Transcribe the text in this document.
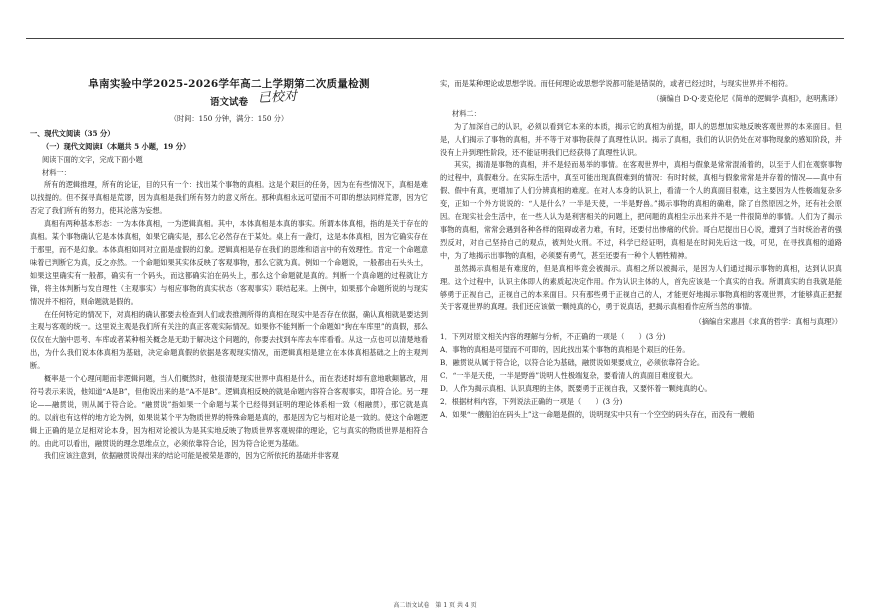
阜南实验中学2025-2026学年高二上学期第二次质量检测
语文试卷 已校对
（时间：150 分钟，满分：150 分）
一、现代文阅读（35 分）
（一）现代文阅读Ⅰ（本题共 5 小题，19 分）
阅读下面的文字，完成下面小题
材料一：

所有的逻辑推理，所有的论证，目的只有一个：找出某个事物的真相。这是个艰巨的任务，因为在有些情况下，真相是难以找提的。但不探寻真相是荒谬，因为真相是我们所有努力的意义所在。那种真相永远可望而不可即的想法同样荒谬，因为它否定了我们所有的努力，使其沦落为妄想。

真相有两种基本形态：一为本体真相，一为逻辑真相。其中，本体真相是本真的事实。所谓本体真相，指的是关于存在的真相。某个事物确认它是本体真相，如果它确实是，那么它必然存在于某处。桌上有一盏灯，这是本体真相，因为它确实存在于那里，而不是幻象。本体真相如同对立面是虚假的幻象。逻辑真相是存在我们的思维和语言中的有效理性。肯定一个命题意味着已判断它为真，反之亦然。一个命题如果其实体反映了客观事物，那么它就为真。例如一个命题说，一般都由石头头土，如果这里确实有一般都，确实有一个码头，而这都确实泊在码头上，那么这个命题就是真的。判断一个真命题的过程就让方锋，将主体判断与发自理性（主观事实）与相应事物的真实状态（客观事实）联结起来。上例中，如果那个命题所说的与现实情况并不相符，则命题就是假的。

在任何特定的情况下，对真相的确认都要去检查到人们或表推测所得的真相在现实中是否存在依据，确认真相就是要达到主观与客观的统一。这里说主观是我们所有关注的真正客观实际情况。如果你不能判断一个命题如“狗在车库里”的真假，那么仅仅在大脑中思考、车库或者某种相关概念是无助于解决这个问题的，你要去找到车库去车库看看。从这一点也可以清楚地看出，为什么我们说本体真相为基础，决定命题真假的依据是客观现实情况，而逻辑真相是建立在本体真相基础之上的主观判断。

概率是一个心理问题而非逻辑问题，当人们概然时，他很清楚现实世界中真相是什么，而在表述时却有意地歌颠篡改，用符号表示来说，他知道“A是B”，但他说出来的是“A不是B”。逻辑真相反映的就是命题内容符合客观事实，即符合论。另一理论——融贯说，则从属于符合论。“融贯说”指如果一个命题与某个已经得到证明的理论体系相一致（相融贯），那它就是真的。以前也有这样的地方论为例，如果说某个平为物质世界的特殊命题是真的，那是因为它与相对论是一致的。使这个命题逻辑上正确的是立足相对论本身，因为相对论被认为是其实地反映了物质世界客观规律的理论，它与真实的物质世界是相符合的。由此可以看出，融贯说的理念思维点立，必须依靠符合论，因为符合论更为基础。

我们应该注意到，依据融贯说得出来的结论可能是被荣是谬的，因为它所依托的基础并非客观

实，而是某种理论或思想学说。而任何理论或思想学说都可能是错误的，或者已经过时，与现实世界并不相符。

（摘编自 D·Q·麦克伦尼《简单的逻辑学·真相》，赵明燕译）
材料二：

为了加深自己的认识，必须以看到它本来的本质，揭示它的真相为前提，即人的思想加实地反映客观世界的本来面目。但是，人们揭示了事物的真相，并不等于对事物获得了真理性认识。揭示了真相，我们的认识仍处在对事物现象的感知阶段，并没有上升到理性阶段，还不能证明我们已经获得了真理性认识。

其实，揭清是事物的真相，并不是轻而易举的事情。在客观世界中，真相与假象是常常混淆着的，以至于人们在观察事物的过程中，真假难分。在实际生活中，真至可能出现真假难到的情况：有时时候，真相与假象常常是并存着的情况——真中有假、假中有真，更增加了人们分辨真相的难度。在对人本身的认识上，看清一个人的真面目很难，这主要因为人性极端复杂多变，正如一个外方说说的：“人是什么？一半是天使，一半是野兽。”揭示事物的真相的确难，除了自然原因之外，还有社会原因。在现实社会生活中，在一些人认为是利害相关的问题上，把问题的真相尘示出来并不是一件很简单的事情。人们为了揭示事物的真相，常常会遇到各种各样的阻碍或者力难，有时，还要付出惨痛的代价。哥白尼提出日心说，遭到了当时统治者的强烈反对，对自己坚持自己的观点，被判处火刑。不过，科学已经证明，真相是在时间先后这一线，可见，在寻找真相的道路中，为了地揭示出事物的真相，必须要有勇气，甚至还要有一种个人牺牲精神。

虽然揭示真相是有难度的，但是真相毕竟会被揭示。真相之所以被揭示，是因为人们通过揭示事物的真相，达到认识真理。这个过程中，认识主体即人的素质起决定作用。作为认识主体的人，首先应该是一个真实的自我。所谓真实的自我就是能够勇于正视自己，正视自己的本来面目。只有那些勇于正视自己的人，才能更好地揭示事物真相的客观世界，才能够真正把握关于客观世界的真理。我们还应该做一颗纯真的心，勇于说真话，把揭示真相看作应所当然的事情。

（摘编自宋惠昌《求真的哲学：真相与真理》）
1．下列对原文相关内容的理解与分析，不正确的一项是（　　）(3 分)
A．事物的真相是可望而不可即的，因此找出某个事物的真相是个艰巨的任务。
B．融贯说从属于符合论，以符合论为基础，融贯说如果要成立，必须依靠符合论。
C．“一半是天使，一半是野兽”说明人性极端复杂，要看清人的真面目难度很大。
D．人作为揭示真相、认识真理的主体，既要勇于正视自我，又要怀着一颗纯真的心。
2．根据材料内容，下列说法正确的一项是（　　）(3 分)
A．如果“一艘船泊在码头上”这一命题是假的，说明现实中只有一个空空的码头存在，而没有一艘船
高二语文试卷　第 1 页 共 4 页
